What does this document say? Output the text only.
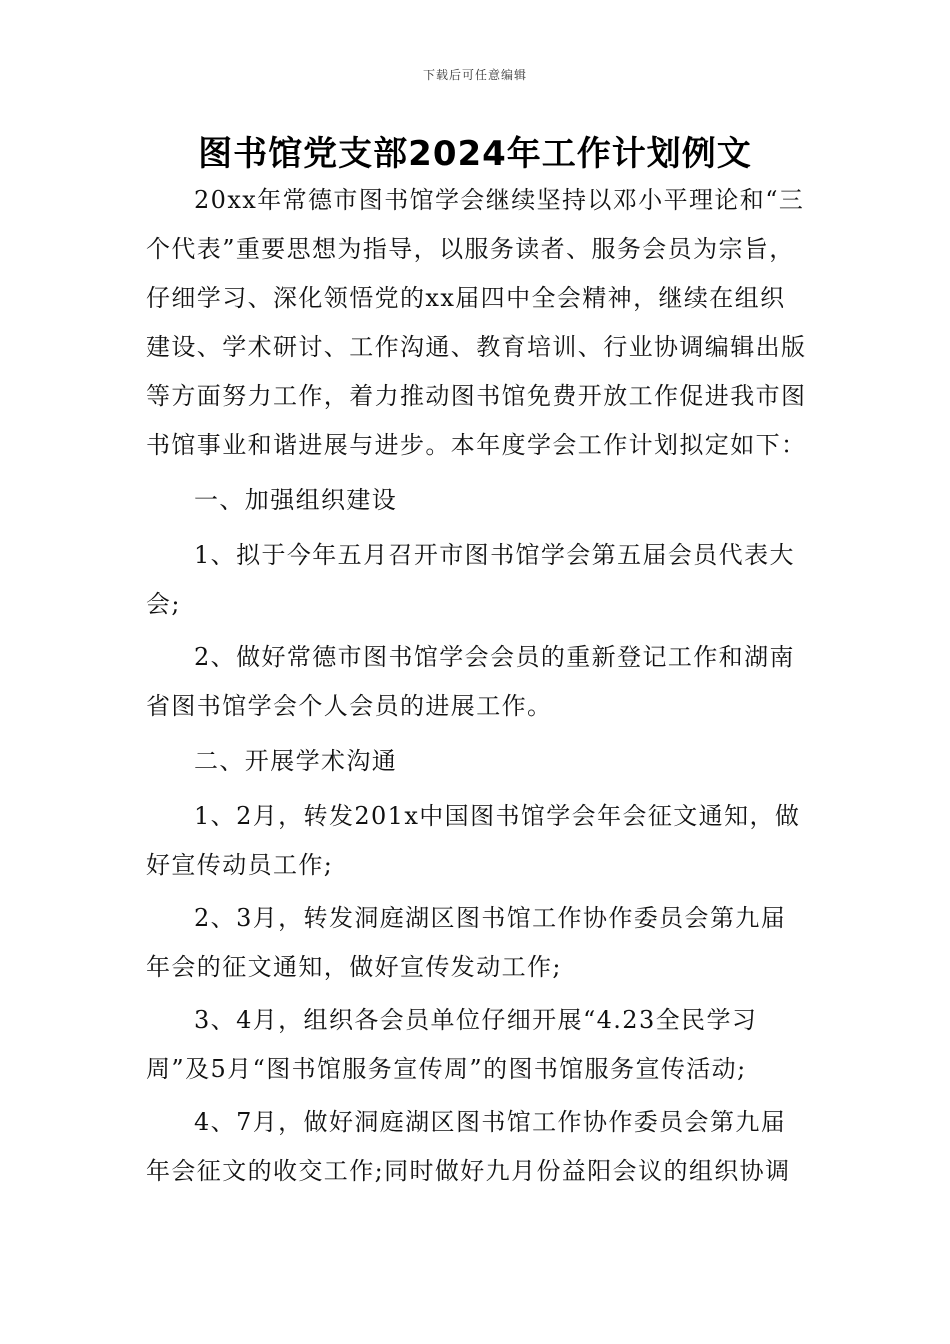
下载后可任意编辑
图书馆党支部2024年工作计划例文

20xx年常德市图书馆学会继续坚持以邓小平理论和“三个代表”重要思想为指导，以服务读者、服务会员为宗旨，仔细学习、深化领悟党的xx届四中全会精神，继续在组织建设、学术研讨、工作沟通、教育培训、行业协调编辑出版等方面努力工作，着力推动图书馆免费开放工作促进我市图书馆事业和谐进展与进步。本年度学会工作计划拟定如下：

一、加强组织建设

1、拟于今年五月召开市图书馆学会第五届会员代表大会;

2、做好常德市图书馆学会会员的重新登记工作和湖南省图书馆学会个人会员的进展工作。

二、开展学术沟通

1、2月，转发201x中国图书馆学会年会征文通知，做好宣传动员工作;

2、3月，转发洞庭湖区图书馆工作协作委员会第九届年会的征文通知，做好宣传发动工作;

3、4月，组织各会员单位仔细开展“4.23全民学习周”及5月“图书馆服务宣传周”的图书馆服务宣传活动;

4、7月，做好洞庭湖区图书馆工作协作委员会第九届年会征文的收交工作;同时做好九月份益阳会议的组织协调
